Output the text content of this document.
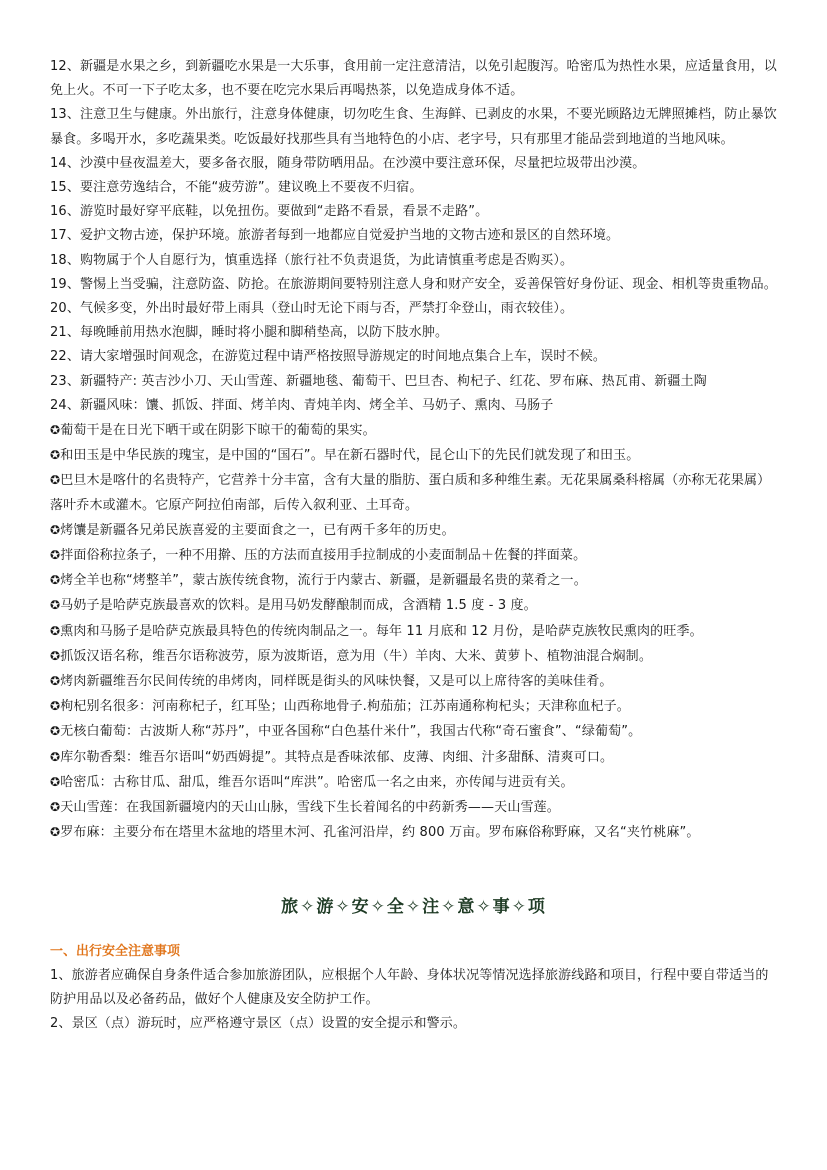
12、新疆是水果之乡，到新疆吃水果是一大乐事，食用前一定注意清洁，以免引起腹泻。哈密瓜为热性水果，应适量食用，以免上火。不可一下子吃太多，也不要在吃完水果后再喝热茶，以免造成身体不适。

13、注意卫生与健康。外出旅行，注意身体健康，切勿吃生食、生海鲜、已剥皮的水果，不要光顾路边无牌照摊档，防止暴饮暴食。多喝开水，多吃蔬果类。吃饭最好找那些具有当地特色的小店、老字号，只有那里才能品尝到地道的当地风味。

14、沙漠中昼夜温差大，要多备衣服，随身带防晒用品。在沙漠中要注意环保，尽量把垃圾带出沙漠。

15、要注意劳逸结合，不能“疲劳游”。建议晚上不要夜不归宿。

16、游览时最好穿平底鞋，以免扭伤。要做到“走路不看景，看景不走路”。

17、爱护文物古迹，保护环境。旅游者每到一地都应自觉爱护当地的文物古迹和景区的自然环境。

18、购物属于个人自愿行为，慎重选择（旅行社不负责退货，为此请慎重考虑是否购买）。

19、警惕上当受骗，注意防盗、防抢。在旅游期间要特别注意人身和财产安全，妥善保管好身份证、现金、相机等贵重物品。

20、气候多变，外出时最好带上雨具（登山时无论下雨与否，严禁打伞登山，雨衣较佳）。

21、每晚睡前用热水泡脚，睡时将小腿和脚稍垫高，以防下肢水肿。

22、请大家增强时间观念，在游览过程中请严格按照导游规定的时间地点集合上车，误时不候。

23、新疆特产: 英吉沙小刀、天山雪莲、新疆地毯、葡萄干、巴旦杏、枸杞子、红花、罗布麻、热瓦甫、新疆土陶

24、新疆风味：馕、抓饭、拌面、烤羊肉、青炖羊肉、烤全羊、马奶子、熏肉、马肠子

✪葡萄干是在日光下晒干或在阴影下晾干的葡萄的果实。

✪和田玉是中华民族的瑰宝，是中国的“国石”。早在新石器时代，昆仑山下的先民们就发现了和田玉。

✪巴旦木是喀什的名贵特产，它营养十分丰富，含有大量的脂肪、蛋白质和多种维生素。无花果属桑科榕属（亦称无花果属）落叶乔木或灌木。它原产阿拉伯南部，后传入叙利亚、土耳奇。

✪烤馕是新疆各兄弟民族喜爱的主要面食之一，已有两千多年的历史。

✪拌面俗称拉条子，一种不用擀、压的方法而直接用手拉制成的小麦面制品＋佐餐的拌面菜。

✪烤全羊也称“烤整羊”，蒙古族传统食物，流行于内蒙古、新疆，是新疆最名贵的菜肴之一。

✪马奶子是哈萨克族最喜欢的饮料。是用马奶发酵酿制而成，含酒精 1.5 度 - 3 度。

✪熏肉和马肠子是哈萨克族最具特色的传统肉制品之一。每年 11 月底和 12 月份，是哈萨克族牧民熏肉的旺季。

✪抓饭汉语名称，维吾尔语称波劳，原为波斯语，意为用（牛）羊肉、大米、黄萝卜、植物油混合焖制。

✪烤肉新疆维吾尔民间传统的串烤肉，同样既是街头的风味快餐，又是可以上席待客的美味佳肴。

✪枸杞别名很多：河南称杞子，红耳坠；山西称地骨子.枸茄茄；江苏南通称枸杞头；天津称血杞子。

✪无核白葡萄：古波斯人称“苏丹”，中亚各国称“白色基什米什”，我国古代称“奇石蜜食”、“绿葡萄”。

✪库尔勒香梨：维吾尔语叫“奶西姆提”。其特点是香味浓郁、皮薄、肉细、汁多甜酥、清爽可口。

✪哈密瓜：古称甘瓜、甜瓜，维吾尔语叫“库洪”。哈密瓜一名之由来，亦传闻与进贡有关。

✪天山雪莲：在我国新疆境内的天山山脉，雪线下生长着闻名的中药新秀——天山雪莲。

✪罗布麻：主要分布在塔里木盆地的塔里木河、孔雀河沿岸，约 800 万亩。罗布麻俗称野麻，又名“夹竹桃麻”。

旅✧游✧安✧全✧注✧意✧事✧项
一、出行安全注意事项

1、旅游者应确保自身条件适合参加旅游团队，应根据个人年龄、身体状况等情况选择旅游线路和项目，行程中要自带适当的防护用品以及必备药品，做好个人健康及安全防护工作。

2、景区（点）游玩时，应严格遵守景区（点）设置的安全提示和警示。
